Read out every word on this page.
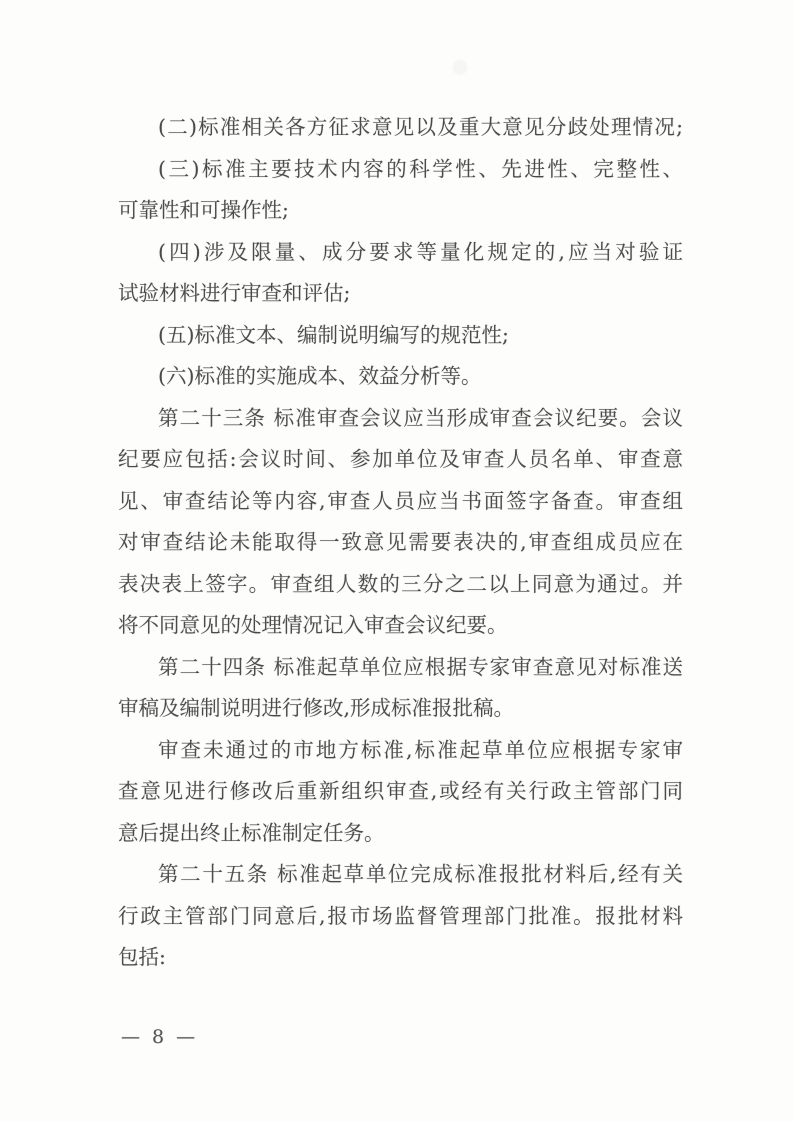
(二)标准相关各方征求意见以及重大意见分歧处理情况;
(三)标准主要技术内容的科学性、先进性、完整性、
可靠性和可操作性;
(四)涉及限量、成分要求等量化规定的,应当对验证
试验材料进行审查和评估;
(五)标准文本、编制说明编写的规范性;
(六)标准的实施成本、效益分析等。
第二十三条 标准审查会议应当形成审查会议纪要。会议
纪要应包括:会议时间、参加单位及审查人员名单、审查意
见、审查结论等内容,审查人员应当书面签字备查。审查组
对审查结论未能取得一致意见需要表决的,审查组成员应在
表决表上签字。审查组人数的三分之二以上同意为通过。并
将不同意见的处理情况记入审查会议纪要。
第二十四条 标准起草单位应根据专家审查意见对标准送
审稿及编制说明进行修改,形成标准报批稿。
审查未通过的市地方标准,标准起草单位应根据专家审
查意见进行修改后重新组织审查,或经有关行政主管部门同
意后提出终止标准制定任务。
第二十五条 标准起草单位完成标准报批材料后,经有关
行政主管部门同意后,报市场监督管理部门批准。报批材料
包括:
— 8 —
